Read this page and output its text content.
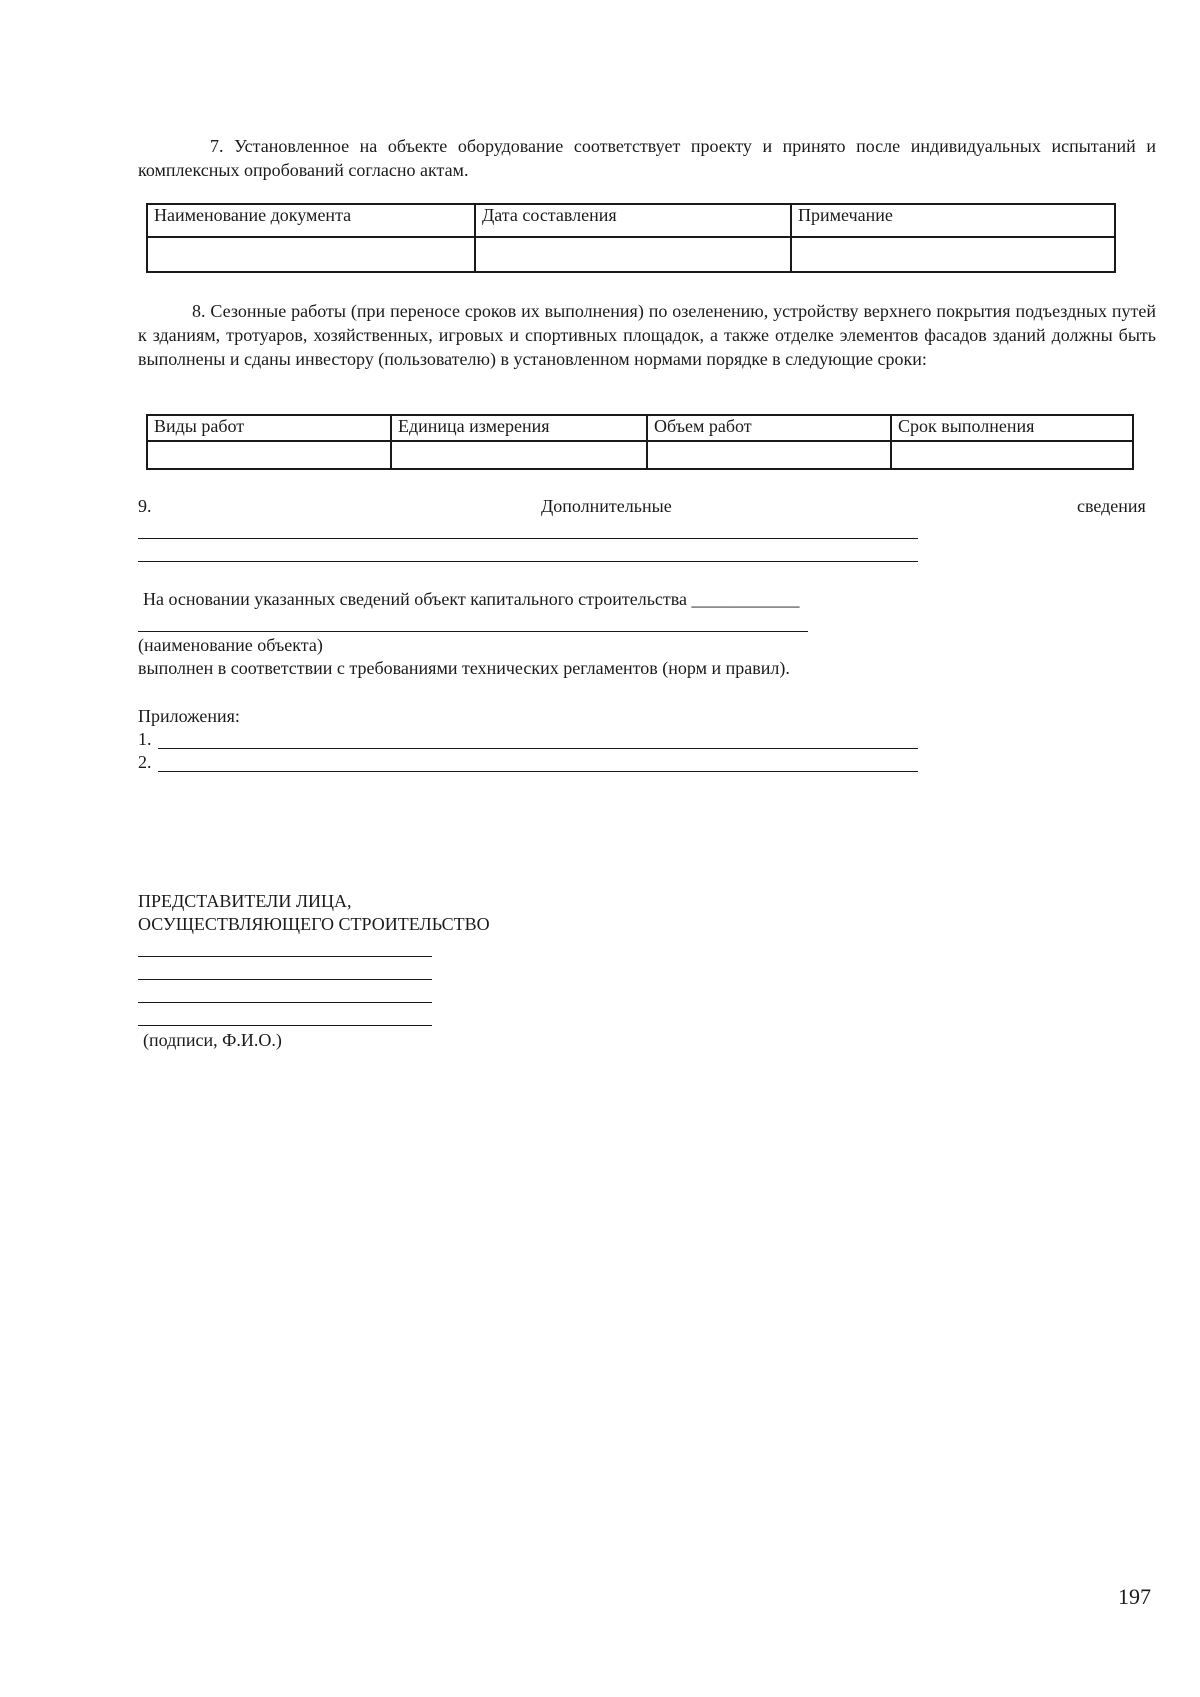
7. Установленное на объекте оборудование соответствует проекту и принято после индивидуальных испытаний и комплексных опробований согласно актам.
Наименование документа	Дата составления	Примечание

8. Сезонные работы (при переносе сроков их выполнения) по озеленению, устройству верхнего покрытия подъездных путей к зданиям, тротуаров, хозяйственных, игровых и спортивных площадок, а также отделке элементов фасадов зданий должны быть выполнены и сданы инвестору (пользователю) в установленном нормами порядке в следующие сроки:
Виды работ	Единица измерения	Объем работ	Срок выполнения

9.	Дополнительные	сведения
На основании указанных сведений объект капитального строительства ____________
(наименование объекта)
выполнен в соответствии с требованиями технических регламентов (норм и правил).
Приложения:
1.
2.
ПРЕДСТАВИТЕЛИ ЛИЦА,
ОСУЩЕСТВЛЯЮЩЕГО СТРОИТЕЛЬСТВО
(подписи, Ф.И.О.)
197
